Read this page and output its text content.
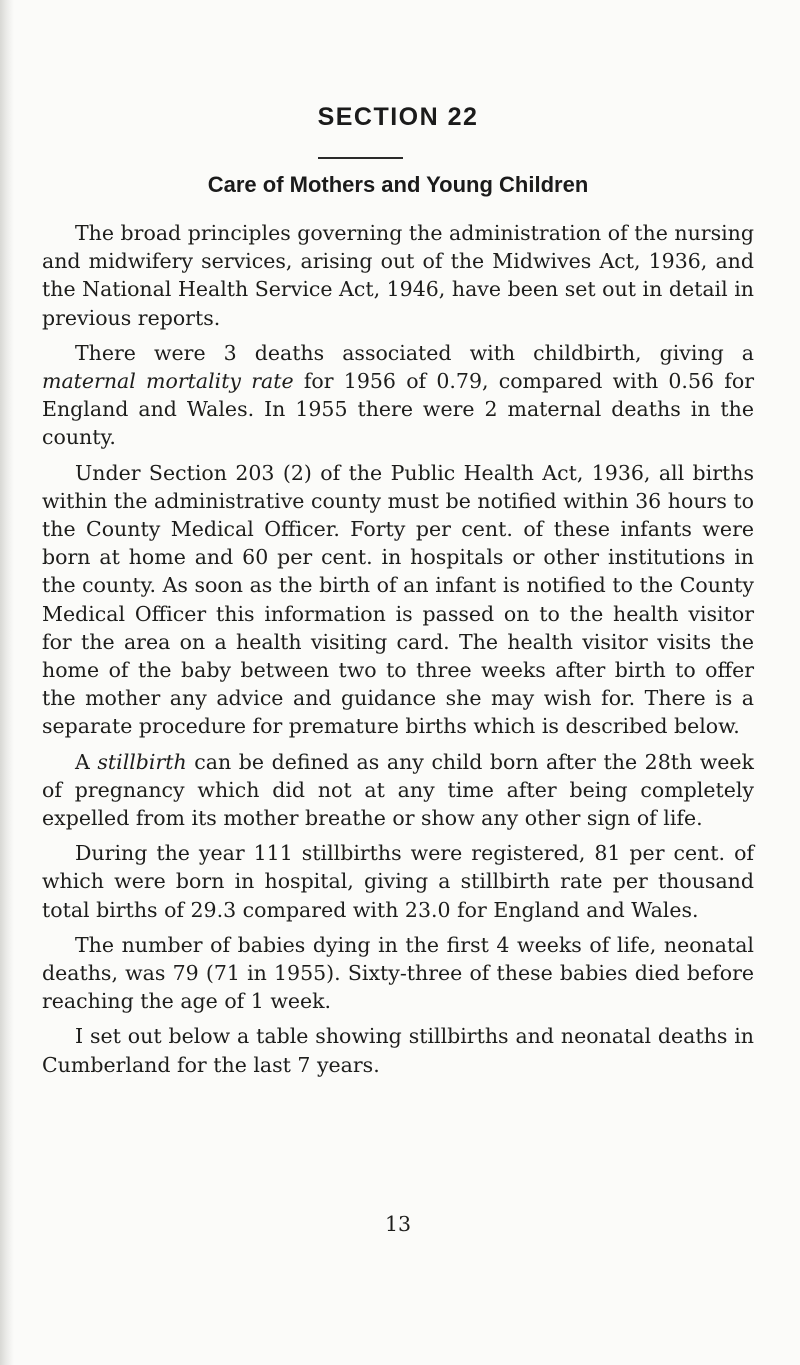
SECTION 22
Care of Mothers and Young Children

The broad principles governing the administration of the nursing and midwifery services, arising out of the Midwives Act, 1936, and the National Health Service Act, 1946, have been set out in detail in previous reports.

There were 3 deaths associated with childbirth, giving a maternal mortality rate for 1956 of 0.79, compared with 0.56 for England and Wales. In 1955 there were 2 maternal deaths in the county.

Under Section 203 (2) of the Public Health Act, 1936, all births within the administrative county must be notified within 36 hours to the County Medical Officer. Forty per cent. of these infants were born at home and 60 per cent. in hospitals or other institutions in the county. As soon as the birth of an infant is notified to the County Medical Officer this information is passed on to the health visitor for the area on a health visiting card. The health visitor visits the home of the baby between two to three weeks after birth to offer the mother any advice and guidance she may wish for. There is a separate procedure for premature births which is described below.

A stillbirth can be defined as any child born after the 28th week of pregnancy which did not at any time after being completely expelled from its mother breathe or show any other sign of life.

During the year 111 stillbirths were registered, 81 per cent. of which were born in hospital, giving a stillbirth rate per thousand total births of 29.3 compared with 23.0 for England and Wales.

The number of babies dying in the first 4 weeks of life, neonatal deaths, was 79 (71 in 1955). Sixty-three of these babies died before reaching the age of 1 week.

I set out below a table showing stillbirths and neonatal deaths in Cumberland for the last 7 years.

13
